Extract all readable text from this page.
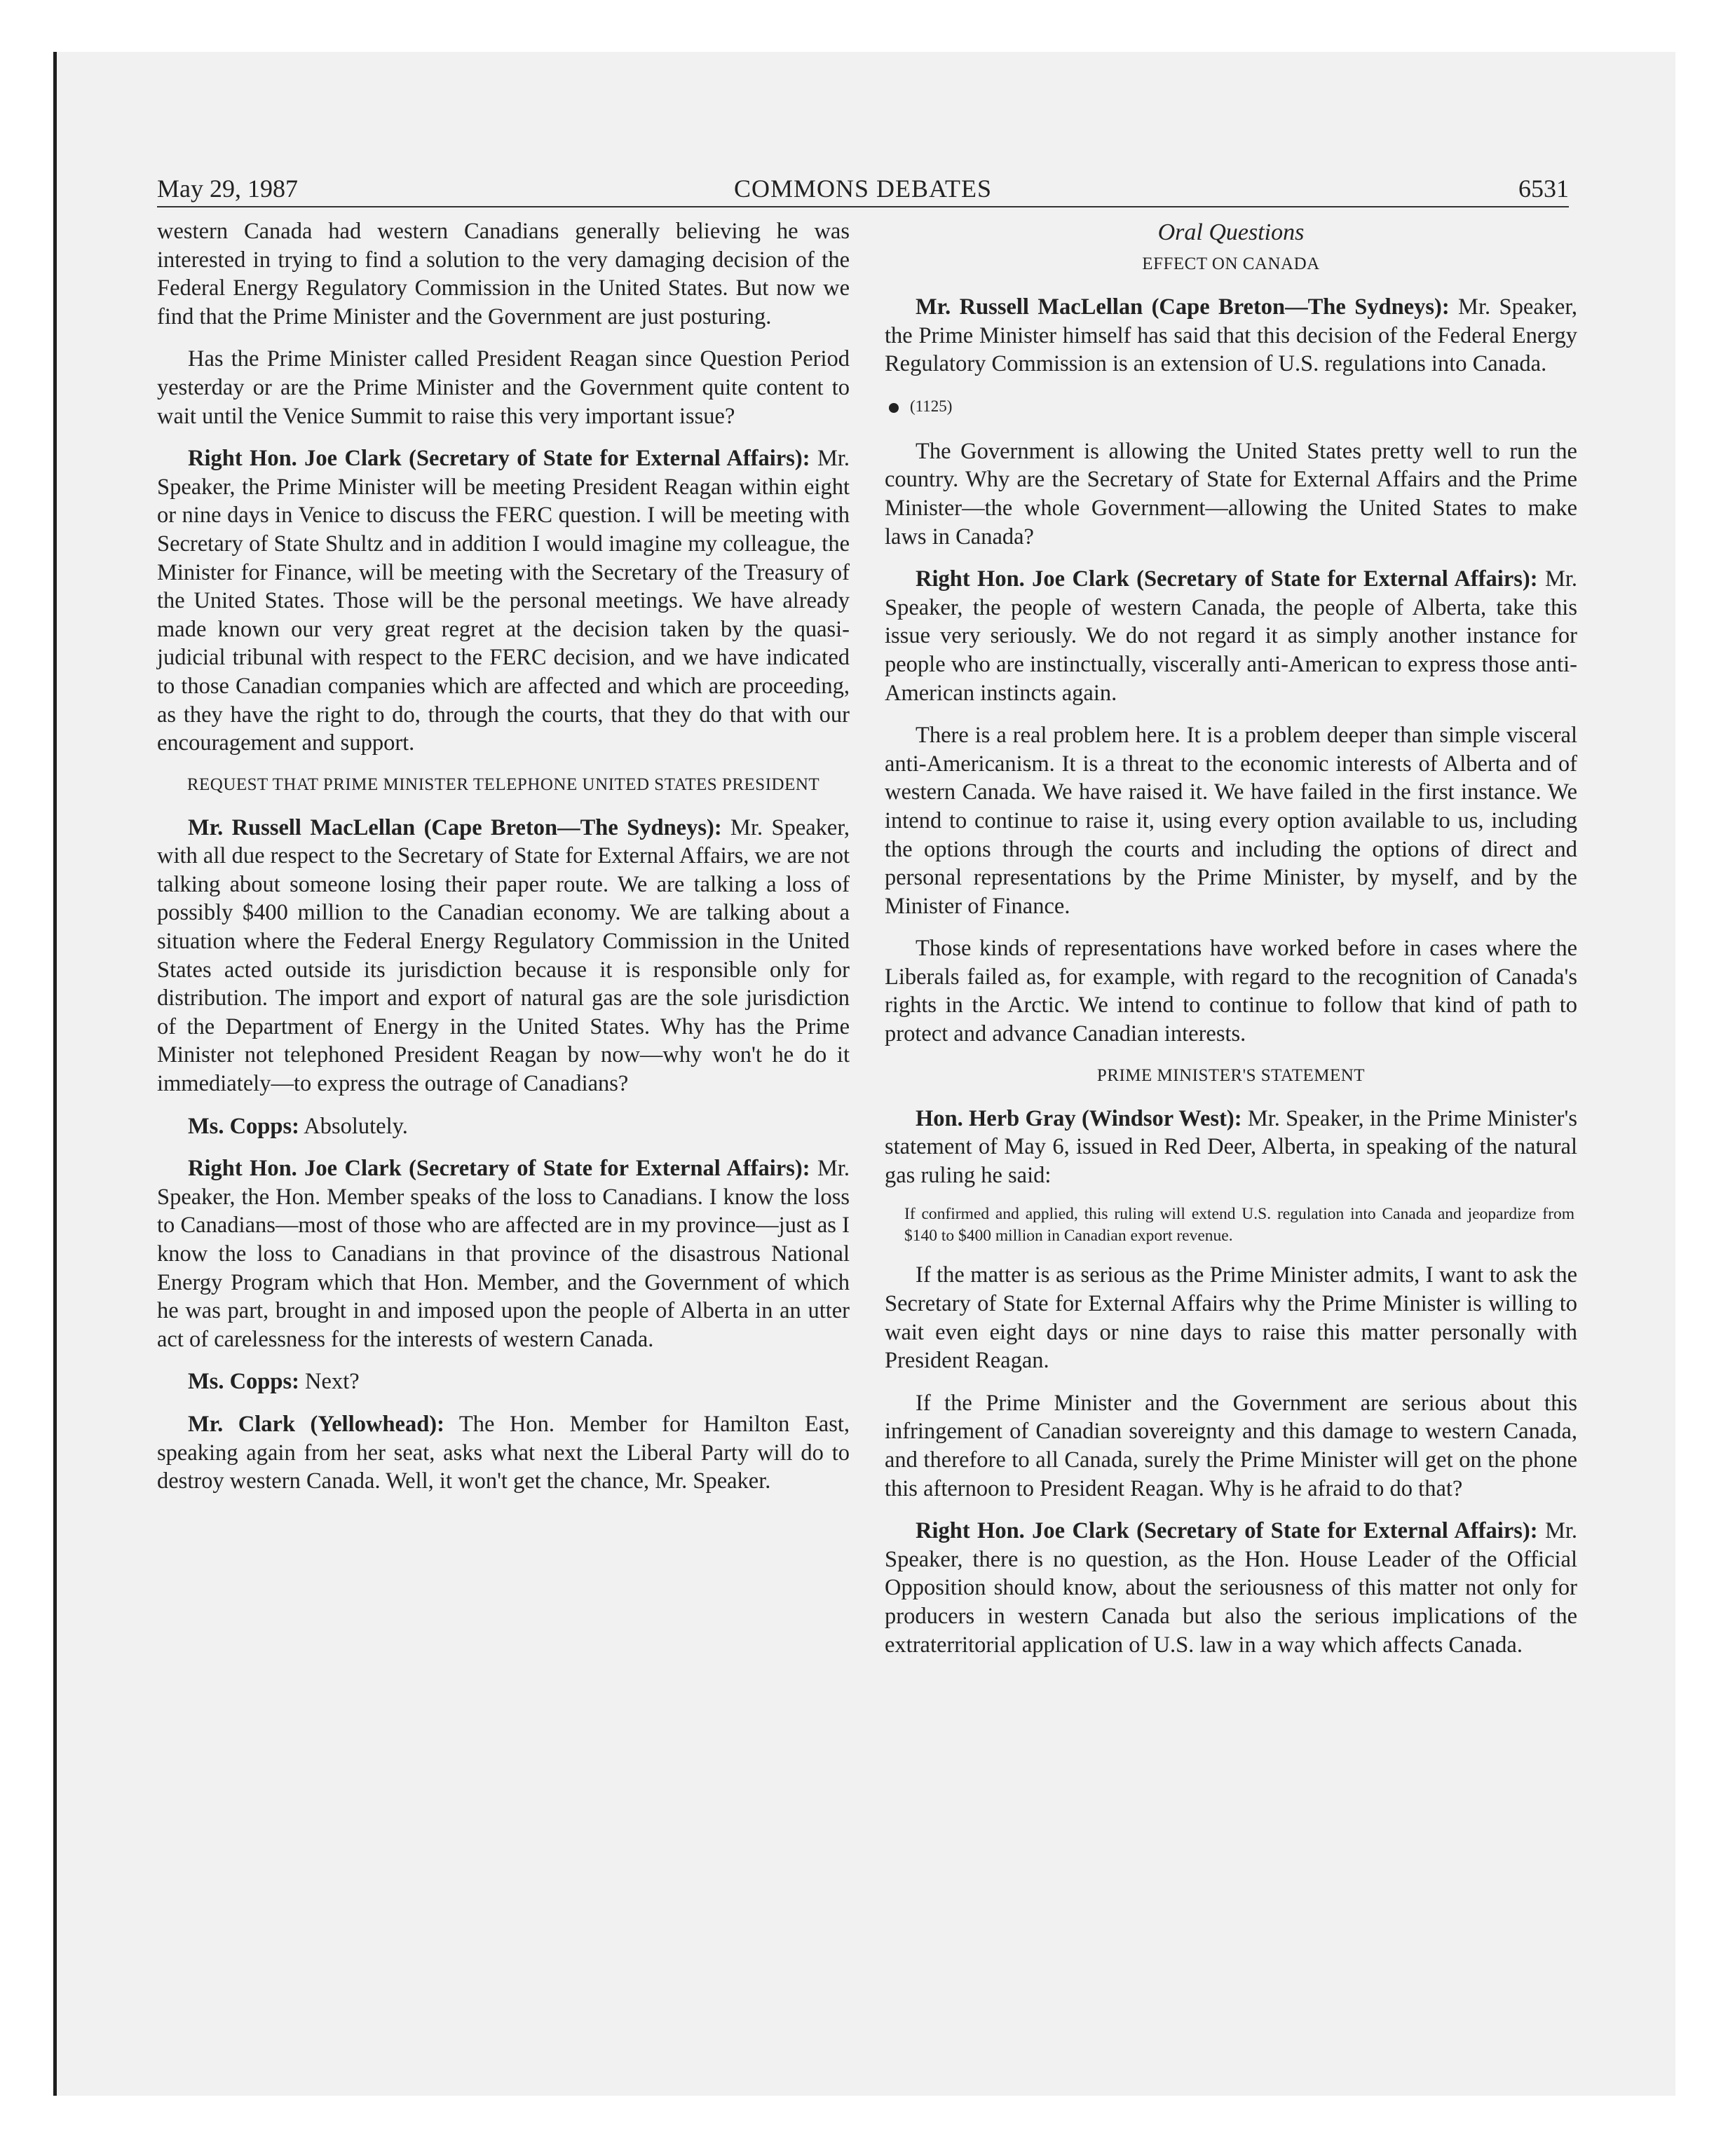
COMMONS DEBATES
May 29, 1987	6531

western Canada had western Canadians generally believing he was interested in trying to find a solution to the very damaging decision of the Federal Energy Regulatory Commission in the United States. But now we find that the Prime Minister and the Government are just posturing.

Has the Prime Minister called President Reagan since Question Period yesterday or are the Prime Minister and the Government quite content to wait until the Venice Summit to raise this very important issue?

Right Hon. Joe Clark (Secretary of State for External Affairs): Mr. Speaker, the Prime Minister will be meeting President Reagan within eight or nine days in Venice to discuss the FERC question. I will be meeting with Secretary of State Shultz and in addition I would imagine my colleague, the Minister for Finance, will be meeting with the Secretary of the Treasury of the United States. Those will be the personal meetings. We have already made known our very great regret at the decision taken by the quasi-judicial tribunal with respect to the FERC decision, and we have indicated to those Canadian companies which are affected and which are proceeding, as they have the right to do, through the courts, that they do that with our encouragement and support.

REQUEST THAT PRIME MINISTER TELEPHONE UNITED STATES PRESIDENT

Mr. Russell MacLellan (Cape Breton—The Sydneys): Mr. Speaker, with all due respect to the Secretary of State for External Affairs, we are not talking about someone losing their paper route. We are talking a loss of possibly $400 million to the Canadian economy. We are talking about a situation where the Federal Energy Regulatory Commission in the United States acted outside its jurisdiction because it is responsible only for distribution. The import and export of natural gas are the sole jurisdiction of the Department of Energy in the United States. Why has the Prime Minister not telephoned President Reagan by now—why won't he do it immediately—to express the outrage of Canadians?

Ms. Copps: Absolutely.

Right Hon. Joe Clark (Secretary of State for External Affairs): Mr. Speaker, the Hon. Member speaks of the loss to Canadians. I know the loss to Canadians—most of those who are affected are in my province—just as I know the loss to Canadians in that province of the disastrous National Energy Program which that Hon. Member, and the Government of which he was part, brought in and imposed upon the people of Alberta in an utter act of carelessness for the interests of western Canada.

Ms. Copps: Next?

Mr. Clark (Yellowhead): The Hon. Member for Hamilton East, speaking again from her seat, asks what next the Liberal Party will do to destroy western Canada. Well, it won't get the chance, Mr. Speaker.

Oral Questions
EFFECT ON CANADA

Mr. Russell MacLellan (Cape Breton—The Sydneys): Mr. Speaker, the Prime Minister himself has said that this decision of the Federal Energy Regulatory Commission is an extension of U.S. regulations into Canada.

(1125)

The Government is allowing the United States pretty well to run the country. Why are the Secretary of State for External Affairs and the Prime Minister—the whole Government—allowing the United States to make laws in Canada?

Right Hon. Joe Clark (Secretary of State for External Affairs): Mr. Speaker, the people of western Canada, the people of Alberta, take this issue very seriously. We do not regard it as simply another instance for people who are instinctually, viscerally anti-American to express those anti-American instincts again.

There is a real problem here. It is a problem deeper than simple visceral anti-Americanism. It is a threat to the economic interests of Alberta and of western Canada. We have raised it. We have failed in the first instance. We intend to continue to raise it, using every option available to us, including the options through the courts and including the options of direct and personal representations by the Prime Minister, by myself, and by the Minister of Finance.

Those kinds of representations have worked before in cases where the Liberals failed as, for example, with regard to the recognition of Canada's rights in the Arctic. We intend to continue to follow that kind of path to protect and advance Canadian interests.

PRIME MINISTER'S STATEMENT

Hon. Herb Gray (Windsor West): Mr. Speaker, in the Prime Minister's statement of May 6, issued in Red Deer, Alberta, in speaking of the natural gas ruling he said:

If confirmed and applied, this ruling will extend U.S. regulation into Canada and jeopardize from $140 to $400 million in Canadian export revenue.

If the matter is as serious as the Prime Minister admits, I want to ask the Secretary of State for External Affairs why the Prime Minister is willing to wait even eight days or nine days to raise this matter personally with President Reagan.

If the Prime Minister and the Government are serious about this infringement of Canadian sovereignty and this damage to western Canada, and therefore to all Canada, surely the Prime Minister will get on the phone this afternoon to President Reagan. Why is he afraid to do that?

Right Hon. Joe Clark (Secretary of State for External Affairs): Mr. Speaker, there is no question, as the Hon. House Leader of the Official Opposition should know, about the seriousness of this matter not only for producers in western Canada but also the serious implications of the extraterritorial application of U.S. law in a way which affects Canada.
